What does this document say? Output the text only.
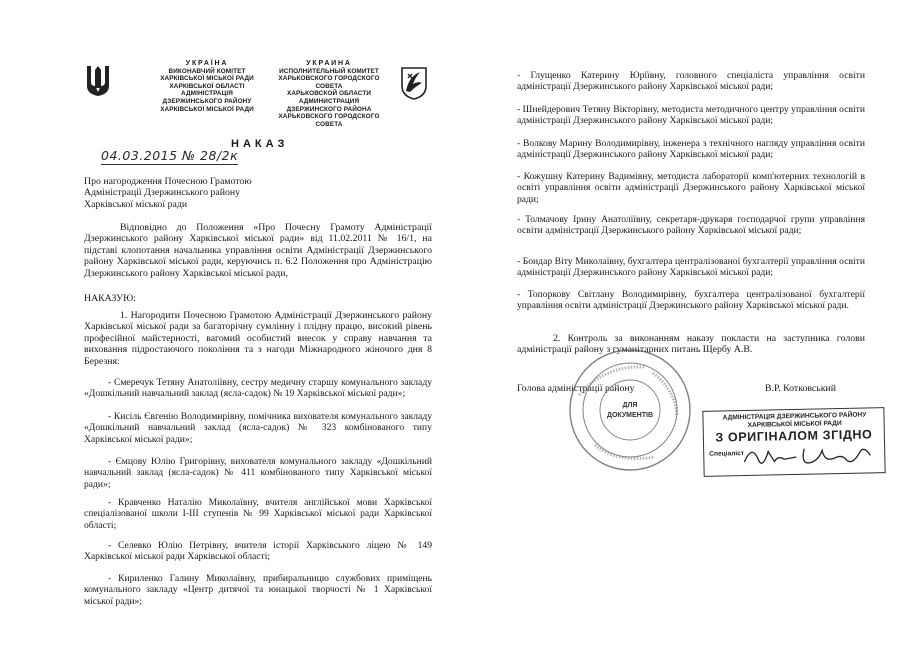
УКРАЇНА
ВИКОНАВЧИЙ КОМІТЕТ
ХАРКІВСЬКОЇ МІСЬКОЇ РАДИ
ХАРКІВСЬКОЇ ОБЛАСТІ
АДМІНІСТРАЦІЯ
ДЗЕРЖИНСЬКОГО РАЙОНУ
ХАРКІВСЬКОЇ МІСЬКОЇ РАДИ
УКРАИНА
ИСПОЛНИТЕЛЬНЫЙ КОМИТЕТ
ХАРЬКОВСКОГО ГОРОДСКОГО СОВЕТА
ХАРЬКОВСКОЙ ОБЛАСТИ
АДМИНИСТРАЦИЯ
ДЗЕРЖИНСКОГО РАЙОНА
ХАРЬКОВСКОГО ГОРОДСКОГО СОВЕТА
НАКАЗ
04.03.2015 № 28/2к

Про нагородження Почесною Грамотою

Адміністрації Дзержинського району

Харківської міської ради

Відповідно до Положення «Про Почесну Грамоту Адміністрації Дзержинського району Харківської міської ради» від 11.02.2011 № 16/1, на підставі клопотання начальника управління освіти Адміністрації Дзержинського району Харківської міської ради, керуючись п. 6.2 Положення про Адміністрацію Дзержинського району Харківської міської ради,

НАКАЗУЮ:

1. Нагородити Почесною Грамотою Адміністрації Дзержинського району Харківської міської ради за багаторічну сумлінну і плідну працю, високий рівень професійної майстерності, вагомий особистий внесок у справу навчання та виховання підростаючого покоління та з нагоди Міжнародного жіночого дня 8 Березня:

- Смеречук Тетяну Анатоліївну, сестру медичну старшу комунального закладу «Дошкільний навчальний заклад (ясла-садок) № 19 Харківської міської ради»;
- Кисіль Євгенію Володимирівну, помічника вихователя комунального закладу «Дошкільний навчальний заклад (ясла-садок) № 323 комбінованого типу Харківської міської ради»;
- Ємцову Юлію Григорівну, вихователя комунального закладу «Дошкільний навчальний заклад (ясла-садок) № 411 комбінованого типу Харківської міської ради»;
- Кравченко Наталію Миколаївну, вчителя англійської мови Харківської спеціалізованої школи І-ІІІ ступенів № 99 Харківської міської ради Харківської області;
- Селевко Юлію Петрівну, вчителя історії Харківського ліцею № 149 Харківської міської ради Харківської області;
- Кириленко Галину Миколаївну, прибиральницю службових приміщень комунального закладу «Центр дитячої та юнацької творчості № 1 Харківської міської ради»;
- Глущенко Катерину Юріївну, головного спеціаліста управління освіти адміністрації Дзержинського району Харківської міської ради;
- Шнейдерович Тетяну Вікторівну, методиста методичного центру управління освіти адміністрації Дзержинського району Харківської міської ради;
- Волкову Марину Володимирівну, інженера з технічного нагляду управління освіти адміністрації Дзержинського району Харківської міської ради;
- Кожушну Катерину Вадимівну, методиста лабораторії комп'ютерних технологій в освіті управління освіти адміністрації Дзержинського району Харківської міської ради;
- Толмачову Ірину Анатоліївну, секретаря-друкаря господарчої групи управління освіти адміністрації Дзержинського району Харківської міської ради;
- Бондар Віту Миколаївну, бухгалтера централізованої бухгалтерії управління освіти адміністрації Дзержинського району Харківської міської ради;
- Топоркову Світлану Володимирівну, бухгалтера централізованої бухгалтерії управління освіти адміністрації Дзержинського району Харківської міської ради.

2. Контроль за виконанням наказу покласти на заступника голови адміністрації району з гуманітарних питань Щербу А.В.

Голова адміністрації району	В.Р. Котковський
ДЛЯ
ДОКУМЕНТІВ	АДМІНІСТРАЦІЯ ДЗЕРЖИНСЬКОГО РАЙОНУ
ХАРКІВСЬКОЇ МІСЬКОЇ РАДИ
З ОРИГІНАЛОМ ЗГІДНО
Спеціаліст
